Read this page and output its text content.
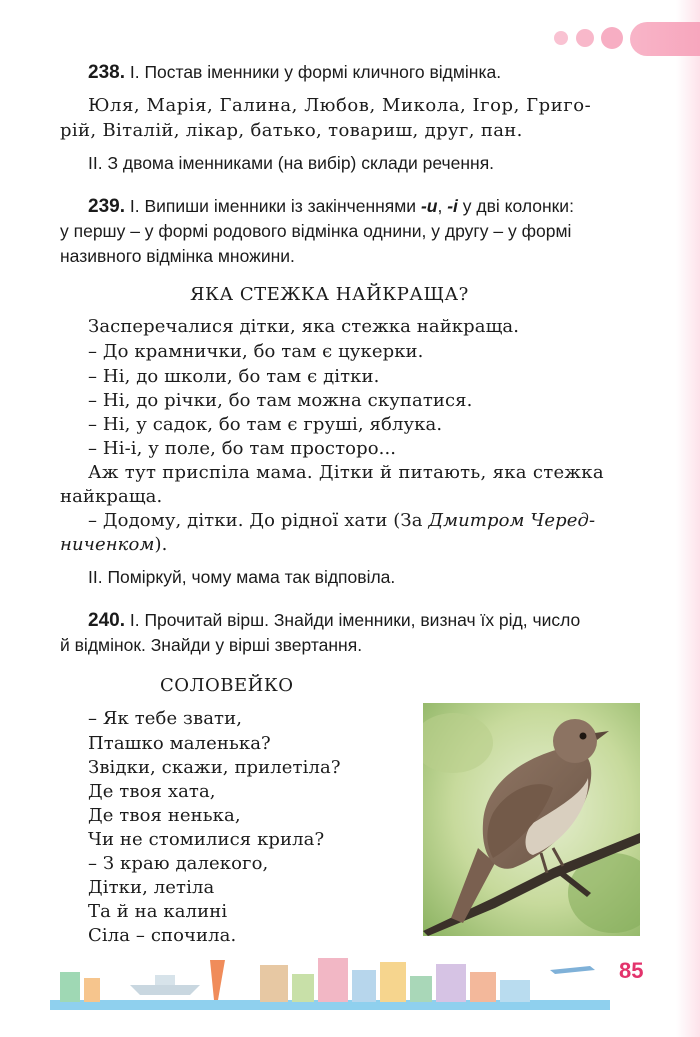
238. І. Постав іменники у формі кличного відмінка.
Юля, Марія, Галина, Любов, Микола, Ігор, Григо-
рій, Віталій, лікар, батько, товариш, друг, пан.
ІІ. З двома іменниками (на вибір) склади речення.
239. І. Випиши іменники із закінченнями -и, -і у дві колонки:
у першу – у формі родового відмінка однини, у другу – у формі
називного відмінка множини.
ЯКА СТЕЖКА НАЙКРАЩА?
Засперечалися дітки, яка стежка найкраща.
– До крамнички, бо там є цукерки.
– Ні, до школи, бо там є дітки.
– Ні, до річки, бо там можна скупатися.
– Ні, у садок, бо там є груші, яблука.
– Ні-і, у поле, бо там просторо...
Аж тут приспіла мама. Дітки й питають, яка стежка
найкраща.
– Додому, дітки. До рідної хати (За Дмитром Черед-
ниченком).
ІІ. Поміркуй, чому мама так відповіла.
240. І. Прочитай вірш. Знайди іменники, визнач їх рід, число
й відмінок. Знайди у вірші звертання.
СОЛОВЕЙКО
– Як тебе звати,
Пташко маленька?
Звідки, скажи, прилетіла?
Де твоя хата,
Де твоя ненька,
Чи не стомилися крила?
– З краю далекого,
Дітки, летіла
Та й на калині
Сіла – спочила.
85
